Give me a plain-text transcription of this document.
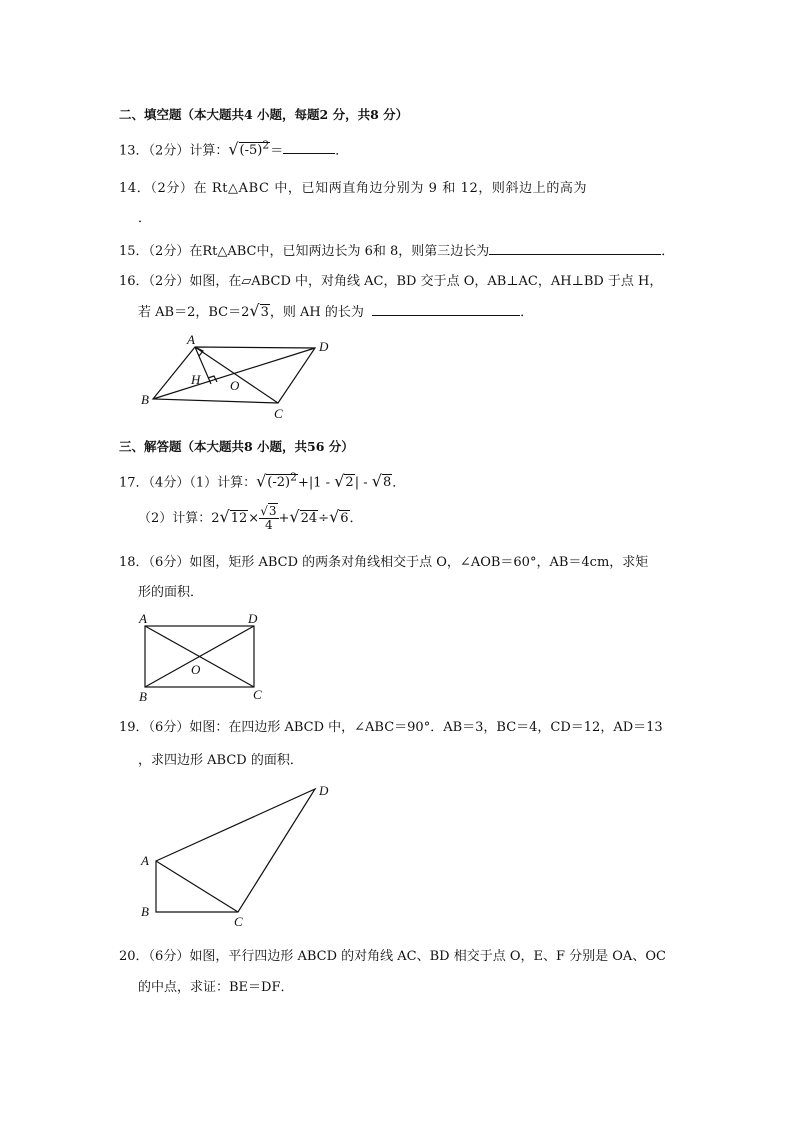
二、填空题（本大题共4 小题，每题2 分，共8 分）
13．（2分）计算：$√(-5)^2=$	．
14．（2分）在 Rt△ABC 中，已知两直角边分别为 9 和 12，则斜边上的高为
．
15．（2分）在Rt△ABC中，已知两边长为 6和 8，则第三边长为	．
16．（2分）如图，在▱ABCD 中，对角线 AC，BD 交于点 O，AB⊥AC，AH⊥BD 于点 H，
若 AB＝2，BC＝2√3，则 AH 的长为	．
A	D
H O
B
C
三、解答题（本大题共8 小题，共56 分）
17．（4分）（1）计算：$√(-2)^2+|1 - √2| - √8$．
（2）计算：$2√12\times \frac{√3}{4} +√24\div√6$．
18．（6分）如图，矩形 ABCD 的两条对角线相交于点 O，∠AOB＝60°，AB＝4cm，求矩
形的面积．
A	D
O
B	C
19．（6分）如图：在四边形 ABCD 中，∠ABC＝90°．AB＝3，BC＝4，CD＝12，AD＝13
，求四边形 ABCD 的面积．
A
D
B
C
20．（6分）如图，平行四边形 ABCD 的对角线 AC、BD 相交于点 O，E、F 分别是 OA、OC
的中点，求证：BE＝DF．
